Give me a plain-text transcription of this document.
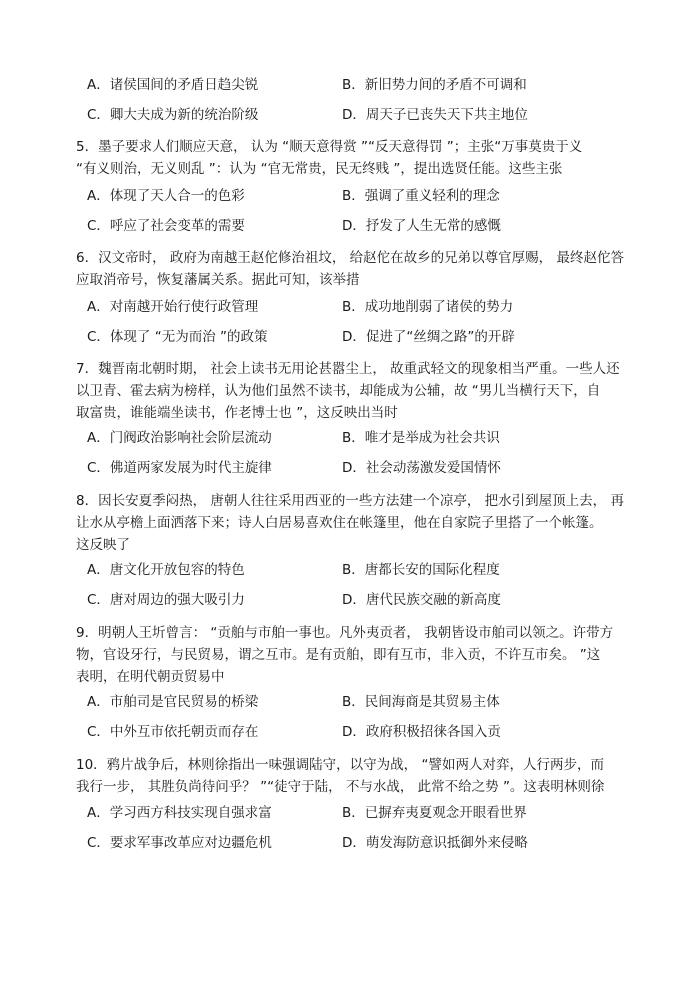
A．诸侯国间的矛盾日趋尖锐	B．新旧势力间的矛盾不可调和
C．卿大夫成为新的统治阶级	D．周天子已丧失天下共主地位
5．墨子要求人们顺应天意， 认为 “顺天意得赏 ”“反天意得罚 ”；主张“万事莫贵于义
“有义则治，无义则乱 ”：认为 “官无常贵，民无终贱 ”，提出选贤任能。这些主张
A．体现了天人合一的色彩	B．强调了重义轻利的理念
C．呼应了社会变革的需要	D．抒发了人生无常的感慨
6．汉文帝时， 政府为南越王赵佗修治祖坟， 给赵佗在故乡的兄弟以尊官厚赐， 最终赵佗答
应取消帝号，恢复藩属关系。据此可知，该举措
A．对南越开始行使行政管理	B．成功地削弱了诸侯的势力
C．体现了 “无为而治 ”的政策	D．促进了“丝绸之路”的开辟
7．魏晋南北朝时期， 社会上读书无用论甚嚣尘上， 故重武轻文的现象相当严重。一些人还
以卫青、霍去病为榜样，认为他们虽然不读书，却能成为公辅，故 “男儿当横行天下，自
取富贵，谁能端坐读书，作老博士也 ”，这反映出当时
A．门阀政治影响社会阶层流动	B．唯才是举成为社会共识
C．佛道两家发展为时代主旋律	D．社会动荡激发爱国情怀
8．因长安夏季闷热， 唐朝人往往采用西亚的一些方法建一个凉亭， 把水引到屋顶上去， 再
让水从亭檐上面洒落下来；诗人白居易喜欢住在帐篷里，他在自家院子里搭了一个帐篷。
这反映了
A．唐文化开放包容的特色	B．唐都长安的国际化程度
C．唐对周边的强大吸引力	D．唐代民族交融的新高度
9．明朝人王圻曾言： “贡舶与市舶一事也。凡外夷贡者， 我朝皆设市舶司以领之。许带方
物，官设牙行，与民贸易，谓之互市。是有贡舶，即有互市，非入贡，不许互市矣。 ”这
表明，在明代朝贡贸易中
A．市舶司是官民贸易的桥梁	B．民间海商是其贸易主体
C．中外互市依托朝贡而存在	D．政府积极招徕各国入贡
10．鸦片战争后，林则徐指出一味强调陆守，以守为战， “譬如两人对弈，人行两步，而
我行一步， 其胜负尚待问乎？ ”“徒守于陆， 不与水战， 此常不给之势 ”。这表明林则徐
A．学习西方科技实现自强求富	B．已摒弃夷夏观念开眼看世界
C．要求军事改革应对边疆危机	D．萌发海防意识抵御外来侵略
